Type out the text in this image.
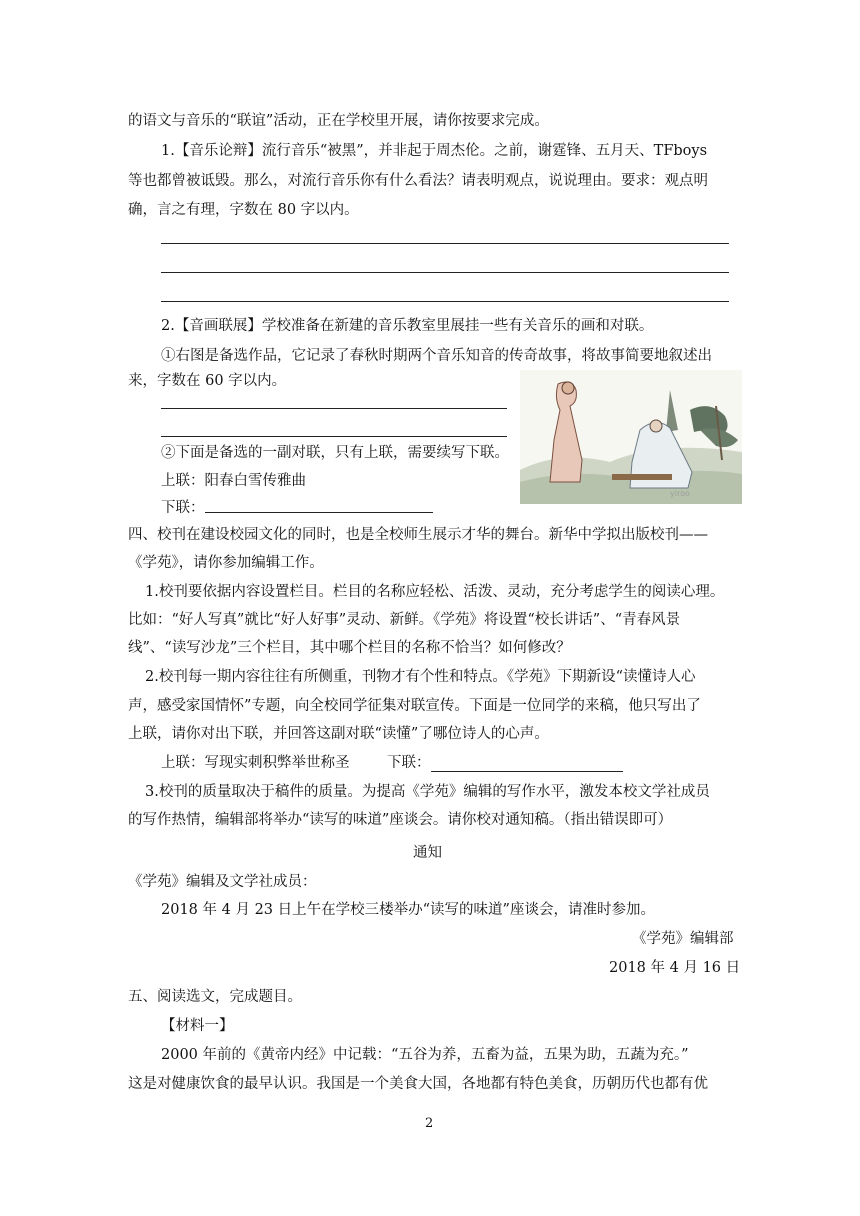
的语文与音乐的“联谊”活动，正在学校里开展，请你按要求完成。
1.【音乐论辩】流行音乐“被黑”，并非起于周杰伦。之前，谢霆锋、五月天、TFboys
等也都曾被诋毁。那么，对流行音乐你有什么看法？请表明观点，说说理由。要求：观点明
确，言之有理，字数在 80 字以内。
2.【音画联展】学校准备在新建的音乐教室里展挂一些有关音乐的画和对联。
①右图是备选作品，它记录了春秋时期两个音乐知音的传奇故事，将故事简要地叙述出
来，字数在 60 字以内。
②下面是备选的一副对联，只有上联，需要续写下联。
上联：阳春白雪传雅曲
下联：
yiroo
四、校刊在建设校园文化的同时，也是全校师生展示才华的舞台。新华中学拟出版校刊——
《学苑》，请你参加编辑工作。
1.校刊要依据内容设置栏目。栏目的名称应轻松、活泼、灵动，充分考虑学生的阅读心理。
比如：“好人写真”就比“好人好事”灵动、新鲜。《学苑》将设置“校长讲话”、“青春风景
线”、“读写沙龙”三个栏目，其中哪个栏目的名称不恰当？如何修改？
2.校刊每一期内容往往有所侧重，刊物才有个性和特点。《学苑》下期新设“读懂诗人心
声，感受家国情怀”专题，向全校同学征集对联宣传。下面是一位同学的来稿，他只写出了
上联，请你对出下联，并回答这副对联“读懂”了哪位诗人的心声。
上联：写现实刺积弊举世称圣	下联：
3.校刊的质量取决于稿件的质量。为提高《学苑》编辑的写作水平，激发本校文学社成员
的写作热情，编辑部将举办“读写的味道”座谈会。请你校对通知稿。（指出错误即可）
通知
《学苑》编辑及文学社成员：
2018 年 4 月 23 日上午在学校三楼举办“读写的味道”座谈会，请准时参加。
《学苑》编辑部
2018 年 4 月 16 日
五、阅读选文，完成题目。
【材料一】
2000 年前的《黄帝内经》中记载：“五谷为养，五畜为益，五果为助，五蔬为充。”
这是对健康饮食的最早认识。我国是一个美食大国，各地都有特色美食，历朝历代也都有优
2
